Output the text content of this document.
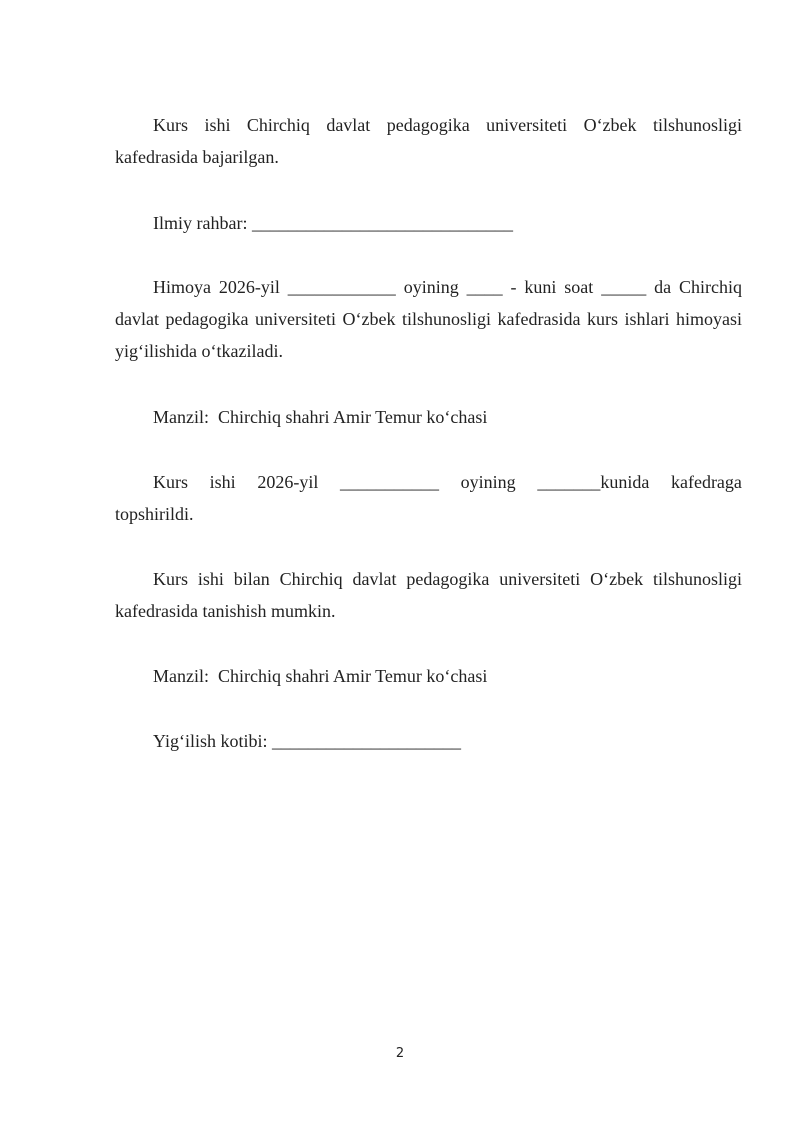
Kurs ishi Chirchiq davlat pedagogika universiteti O‘zbek tilshunosligi kafedrasida bajarilgan.

Ilmiy rahbar: _____________________________

Himoya 2026-yil ____________ oyining ____ - kuni soat _____ da Chirchiq davlat pedagogika universiteti O‘zbek tilshunosligi kafedrasida kurs ishlari himoyasi yig‘ilishida o‘tkaziladi.

Manzil:  Chirchiq shahri Amir Temur ko‘chasi

Kurs ishi 2026-yil ___________ oyining _______kunida kafedraga

topshirildi.

Kurs ishi bilan Chirchiq davlat pedagogika universiteti O‘zbek tilshunosligi kafedrasida tanishish mumkin.

Manzil:  Chirchiq shahri Amir Temur ko‘chasi

Yig‘ilish kotibi: _____________________

2
